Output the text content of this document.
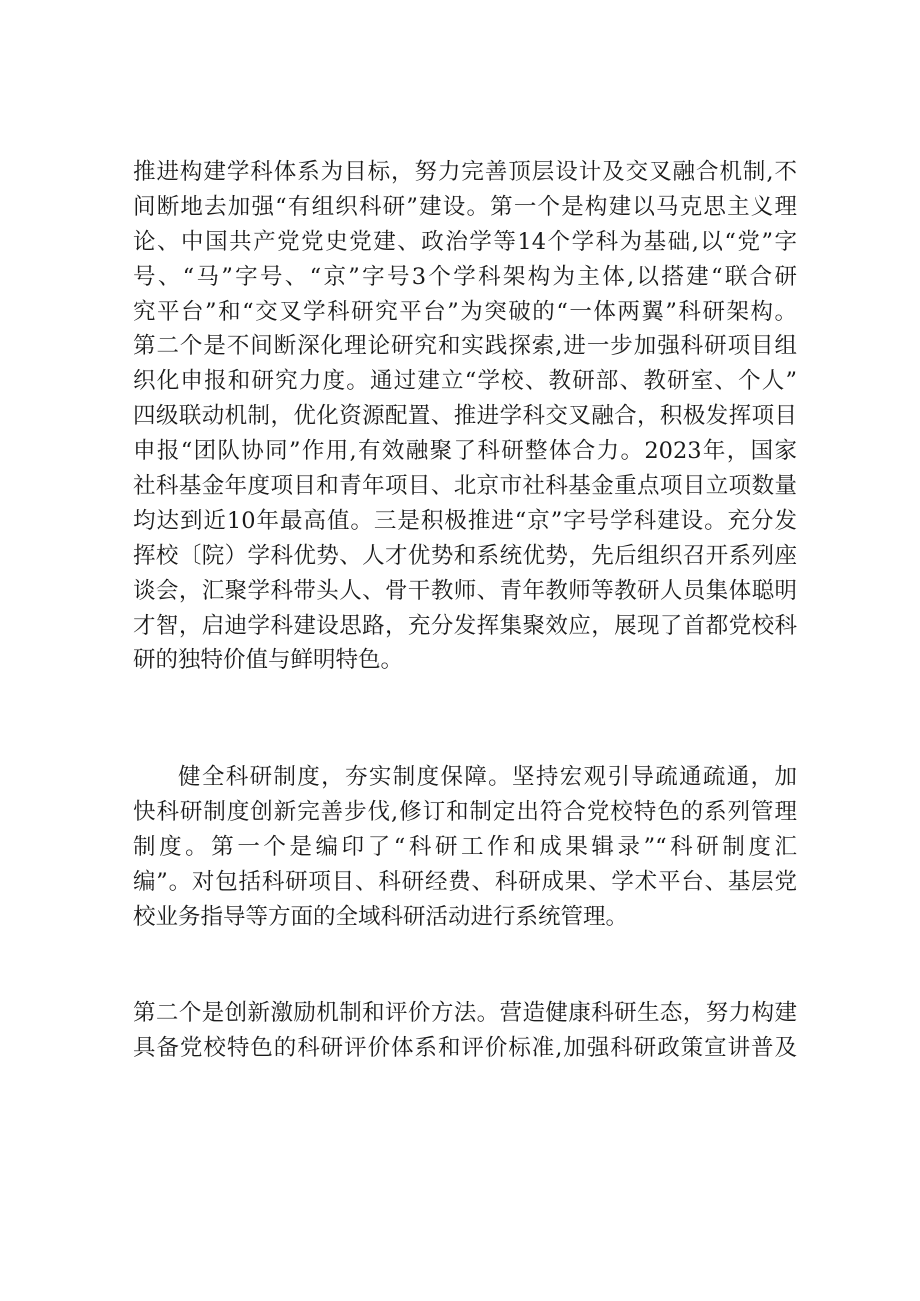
推进构建学科体系为目标，努力完善顶层设计及交叉融合机制,不
间断地去加强“有组织科研”建设。第一个是构建以马克思主义理
论、中国共产党党史党建、政治学等14个学科为基础,以“党”字
号、“马”字号、“京”字号3个学科架构为主体,以搭建“联合研
究平台”和“交叉学科研究平台”为突破的“一体两翼”科研架构。
第二个是不间断深化理论研究和实践探索,进一步加强科研项目组
织化申报和研究力度。通过建立“学校、教研部、教研室、个人”
四级联动机制，优化资源配置、推进学科交叉融合，积极发挥项目
申报“团队协同”作用,有效融聚了科研整体合力。2023年，国家
社科基金年度项目和青年项目、北京市社科基金重点项目立项数量
均达到近10年最高值。三是积极推进“京”字号学科建设。充分发
挥校〔院）学科优势、人才优势和系统优势，先后组织召开系列座
谈会，汇聚学科带头人、骨干教师、青年教师等教研人员集体聪明
才智，启迪学科建设思路，充分发挥集聚效应，展现了首都党校科
研的独特价值与鲜明特色。
健全科研制度，夯实制度保障。坚持宏观引导疏通疏通，加
快科研制度创新完善步伐,修订和制定出符合党校特色的系列管理
制度。第一个是编印了“科研工作和成果辑录”“科研制度汇
编”。对包括科研项目、科研经费、科研成果、学术平台、基层党
校业务指导等方面的全域科研活动进行系统管理。
第二个是创新激励机制和评价方法。营造健康科研生态，努力构建
具备党校特色的科研评价体系和评价标准,加强科研政策宣讲普及
